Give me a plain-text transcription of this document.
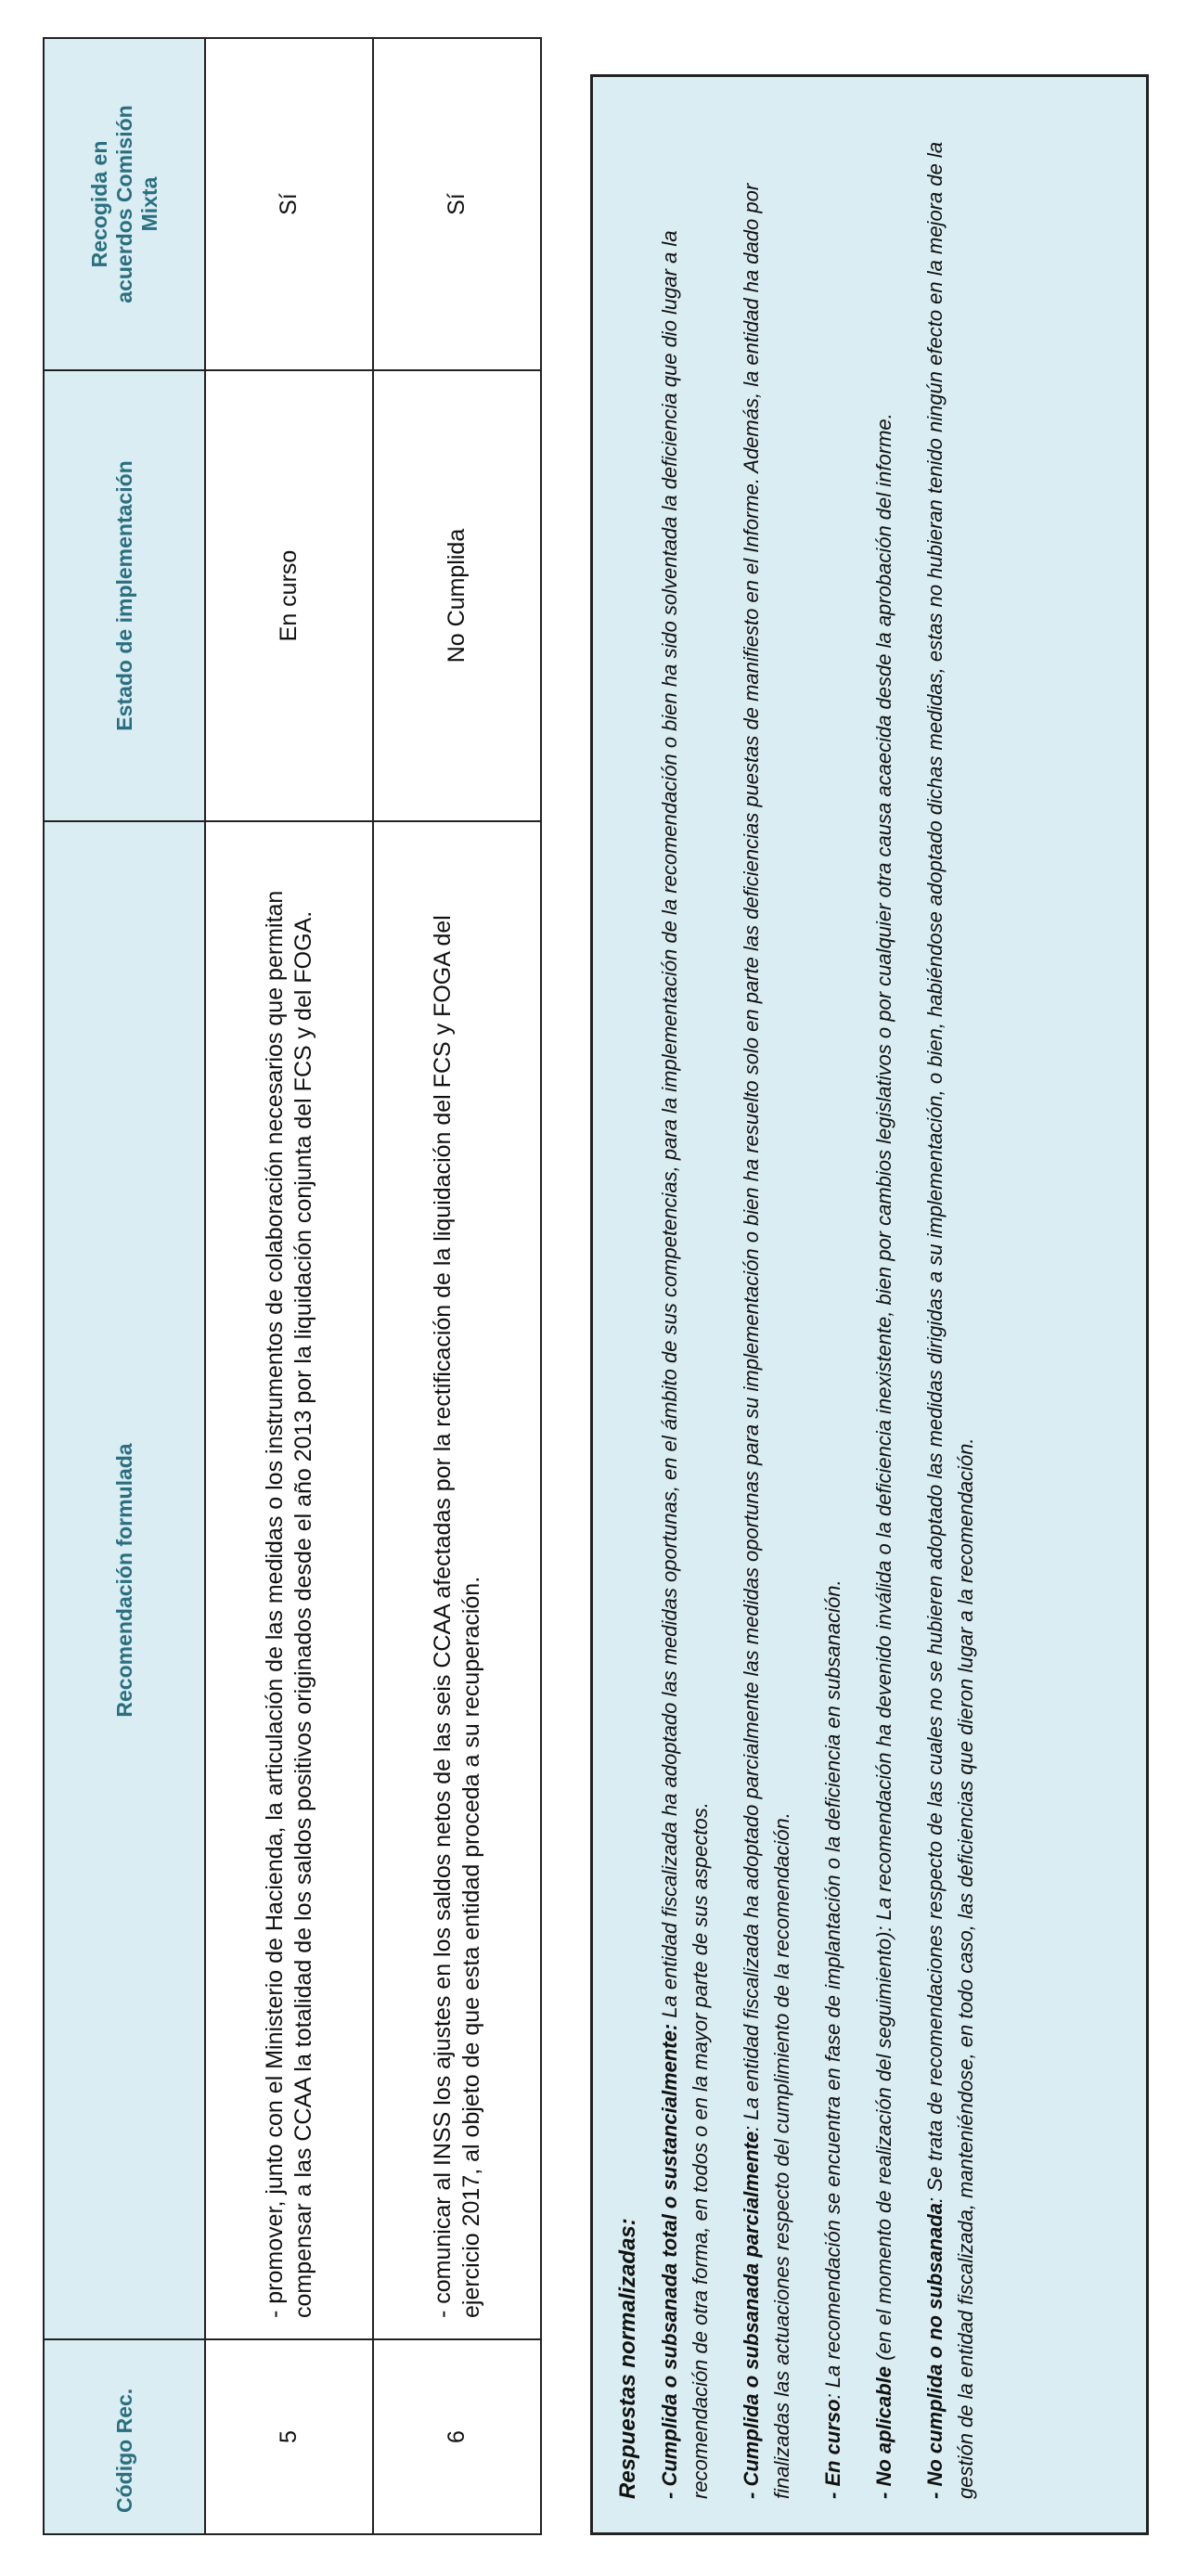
Código Rec.	Recomendación formulada	Estado de implementación	Recogida en acuerdos Comisión Mixta
5	- promover, junto con el Ministerio de Hacienda, la articulación de las medidas o los instrumentos de colaboración necesarios que permitan compensar a las CCAA la totalidad de los saldos positivos originados desde el año 2013 por la liquidación conjunta del FCS y del FOGA.	En curso	Sí
6	- comunicar al INSS los ajustes en los saldos netos de las seis CCAA afectadas por la rectificación de la liquidación del FCS y FOGA del ejercicio 2017, al objeto de que esta entidad proceda a su recuperación.	No Cumplida	Sí
Respuestas normalizadas: - Cumplida o subsanada total o sustancialmente: La entidad fiscalizada ha adoptado las medidas oportunas, en el ámbito de sus competencias, para la implementación de la recomendación o bien ha sido solventada la deficiencia que dio lugar a la recomendación de otra forma, en todos o en la mayor parte de sus aspectos. - Cumplida o subsanada parcialmente: La entidad fiscalizada ha adoptado parcialmente las medidas oportunas para su implementación o bien ha resuelto solo en parte las deficiencias puestas de manifiesto en el Informe. Además, la entidad ha dado por finalizadas las actuaciones respecto del cumplimiento de la recomendación. - En curso: La recomendación se encuentra en fase de implantación o la deficiencia en subsanación.

- No aplicable (en el momento de realización del seguimiento): La recomendación ha devenido inválida o la deficiencia inexistente, bien por cambios legislativos o por cualquier otra causa acaecida desde la aprobación del informe. - No cumplida o no subsanada: Se trata de recomendaciones respecto de las cuales no se hubieren adoptado las medidas dirigidas a su implementación, o bien, habiéndose adoptado dichas medidas, estas no hubieran tenido ningún efecto en la mejora de la gestión de la entidad fiscalizada, manteniéndose, en todo caso, las deficiencias que dieron lugar a la recomendación.
